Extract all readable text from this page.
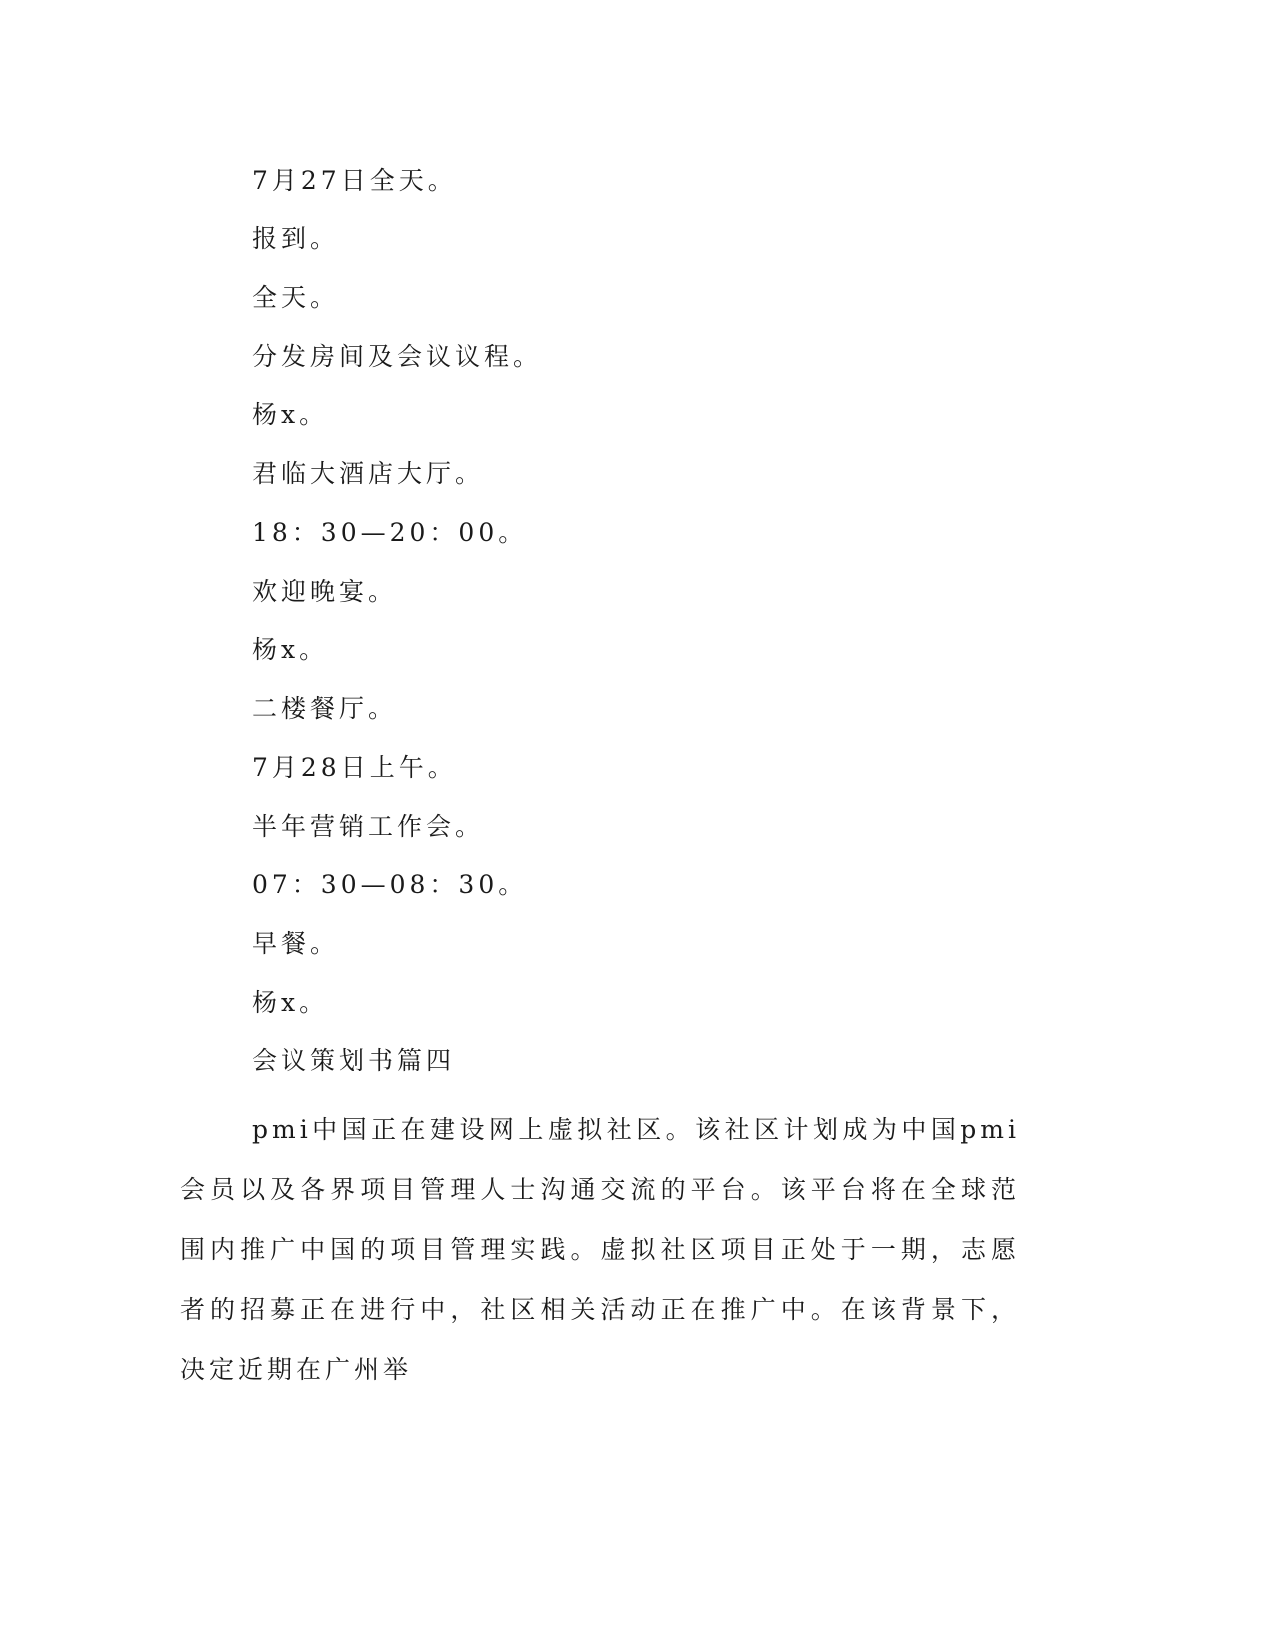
7月27日全天。
报到。
全天。
分发房间及会议议程。
杨x。
君临大酒店大厅。
18：30—20：00。
欢迎晚宴。
杨x。
二楼餐厅。
7月28日上午。
半年营销工作会。
07：30—08：30。
早餐。
杨x。
会议策划书篇四
pmi中国正在建设网上虚拟社区。该社区计划成为中国pmi会员以及各界项目管理人士沟通交流的平台。该平台将在全球范围内推广中国的项目管理实践。虚拟社区项目正处于一期，志愿者的招募正在进行中，社区相关活动正在推广中。在该背景下，决定近期在广州举
